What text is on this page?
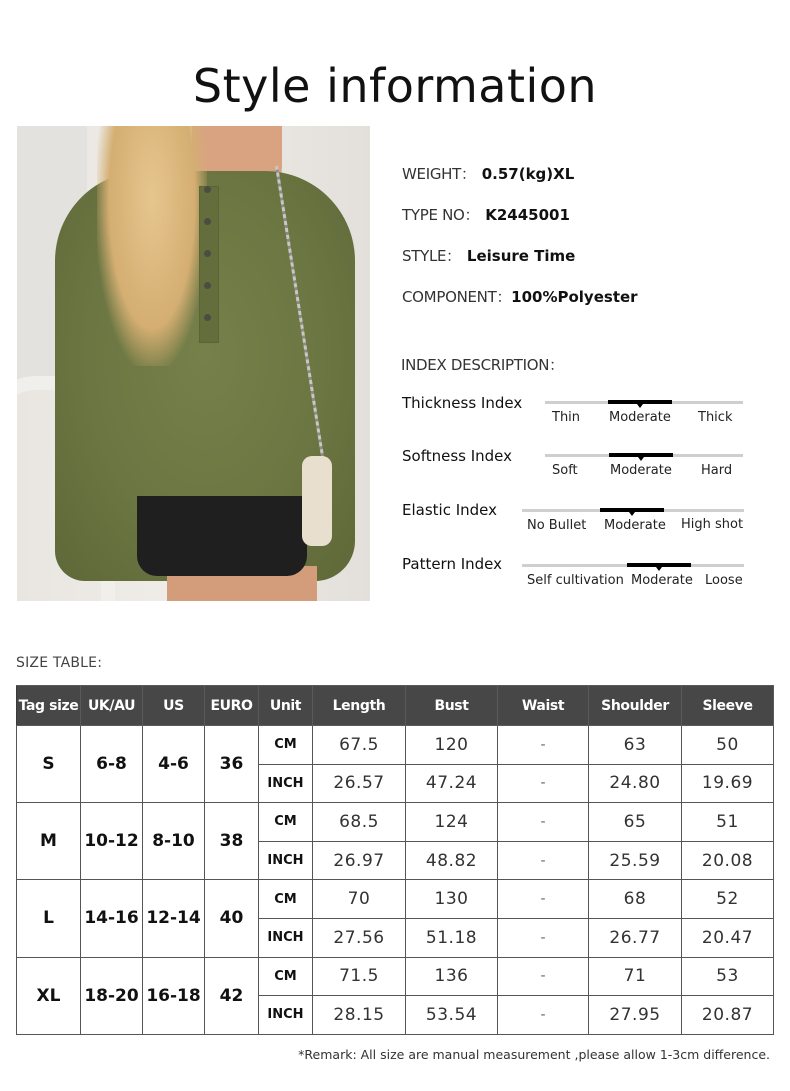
Style information
WEIGHT： 0.57(kg)XL
TYPE NO： K2445001
STYLE： Leisure Time
COMPONENT：100%Polyester
INDEX DESCRIPTION：
Thickness Index
Thin Moderate Thick
Softness Index
Soft Moderate Hard
Elastic Index
No Bullet Moderate High shot
Pattern Index
Self cultivation Moderate Loose
SIZE TABLE:
Tag size	UK/AU	US	EURO	Unit	Length	Bust	Waist	Shoulder	Sleeve
S	6-8	4-6	36	CM	67.5	120	-	63	50
				INCH	26.57	47.24	-	24.80	19.69
M	10-12	8-10	38	CM	68.5	124	-	65	51
				INCH	26.97	48.82	-	25.59	20.08
L	14-16	12-14	40	CM	70	130	-	68	52
				INCH	27.56	51.18	-	26.77	20.47
XL	18-20	16-18	42	CM	71.5	136	-	71	53
				INCH	28.15	53.54	-	27.95	20.87
*Remark: All size are manual measurement ,please allow 1-3cm difference.
